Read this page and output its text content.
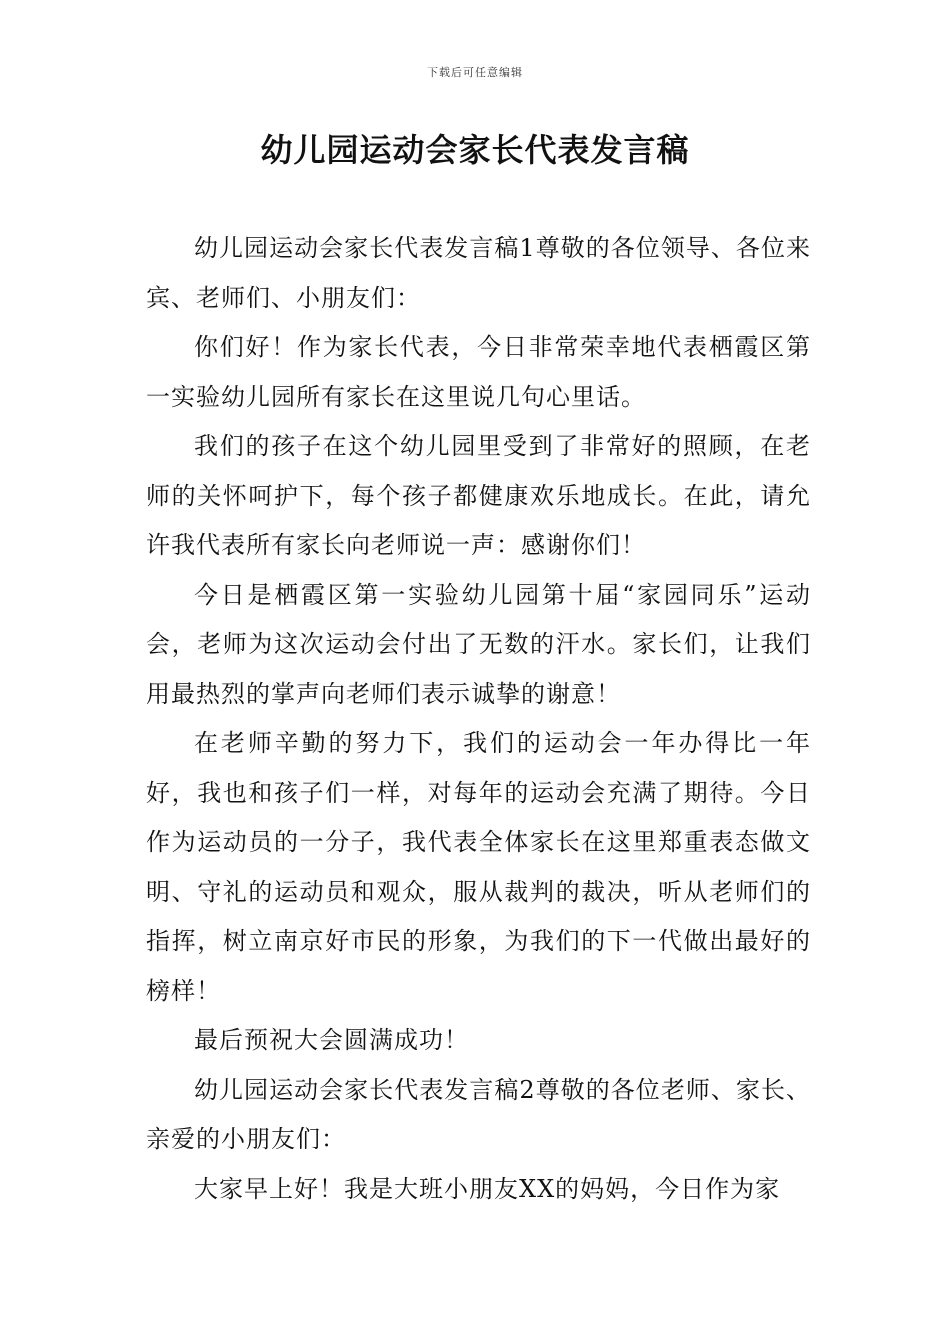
下载后可任意编辑
幼儿园运动会家长代表发言稿

幼儿园运动会家长代表发言稿1尊敬的各位领导、各位来宾、老师们、小朋友们：

你们好！作为家长代表，今日非常荣幸地代表栖霞区第一实验幼儿园所有家长在这里说几句心里话。

我们的孩子在这个幼儿园里受到了非常好的照顾，在老师的关怀呵护下，每个孩子都健康欢乐地成长。在此，请允许我代表所有家长向老师说一声：感谢你们！

今日是栖霞区第一实验幼儿园第十届“家园同乐”运动会，老师为这次运动会付出了无数的汗水。家长们，让我们用最热烈的掌声向老师们表示诚挚的谢意！

在老师辛勤的努力下，我们的运动会一年办得比一年好，我也和孩子们一样，对每年的运动会充满了期待。今日作为运动员的一分子，我代表全体家长在这里郑重表态做文明、守礼的运动员和观众，服从裁判的裁决，听从老师们的指挥，树立南京好市民的形象，为我们的下一代做出最好的榜样！

最后预祝大会圆满成功！

幼儿园运动会家长代表发言稿2尊敬的各位老师、家长、亲爱的小朋友们：

大家早上好！我是大班小朋友XX的妈妈，今日作为家
